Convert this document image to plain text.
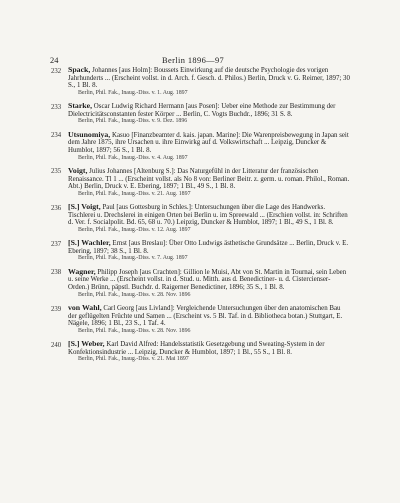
24	Berlin 1896—97
232 Spack, Johannes [aus Holm]: Boussets Einwirkung auf die deutsche Psychologie des vorigen Jahrhunderts ... (Erscheint vollst. in d. Arch. f. Gesch. d. Philos.) Berlin, Druck v. G. Reimer, 1897; 30 S., 1 Bl. 8.
Berlin, Phil. Fak., Inaug.-Diss. v. 1. Aug. 1897
233 Starke, Oscar Ludwig Richard Hermann [aus Posen]: Ueber eine Methode zur Bestimmung der Dielectricitätsconstanten fester Körper ... Berlin, C. Vogts Buchdr., 1896; 31 S. 8.
Berlin, Phil. Fak., Inaug.-Diss. v. 9. Dez. 1896
234 Utsunomiya, Kasuo [Finanzbeamter d. kais. japan. Marine]: Die Warenpreisbewegung in Japan seit dem Jahre 1875, ihre Ursachen u. ihre Einwirkg auf d. Volkswirtschaft ... Leipzig, Duncker & Humblot, 1897; 56 S., 1 Bl. 8.
Berlin, Phil. Fak., Inaug.-Diss. v. 4. Aug. 1897
235 Voigt, Julius Johannes [Altenburg S.]: Das Naturgefühl in der Litteratur der französischen Renaissance. Tl 1 ... (Erscheint vollst. als No 8 von: Berliner Beitr. z. germ. u. roman. Philol., Roman. Abt.) Berlin, Druck v. E. Ebering, 1897; 1 Bl., 49 S., 1 Bl. 8.
Berlin, Phil. Fak., Inaug.-Diss. v. 21. Aug. 1897
236 [S.] Voigt, Paul [aus Gottesburg in Schles.]: Untersuchungen über die Lage des Handwerks. Tischlerei u. Drechslerei in einigen Orten bei Berlin u. im Spreewald ... (Erschien vollst. in: Schriften d. Ver. f. Socialpolit. Bd. 65, 68 u. 70.) Leipzig, Duncker & Humblot, 1897; 1 Bl., 49 S., 1 Bl. 8.
Berlin, Phil. Fak., Inaug.-Diss. v. 12. Aug. 1897
237 [S.] Wachler, Ernst [aus Breslau]: Über Otto Ludwigs ästhetische Grundsätze ... Berlin, Druck v. E. Ebering, 1897; 38 S., 1 Bl. 8.
Berlin, Phil. Fak., Inaug.-Diss. v. 7. Aug. 1897
238 Wagner, Philipp Joseph [aus Crachten]: Gillion le Muisi, Abt von St. Martin in Tournai, sein Leben u. seine Werke ... (Erscheint vollst. in d. Stud. u. Mitth. aus d. Benedictiner- u. d. Cistercienser-Orden.) Brünn, päpstl. Buchdr. d. Raigerner Benedictiner, 1896; 35 S., 1 Bl. 8.
Berlin, Phil. Fak., Inaug.-Diss. v. 28. Nov. 1896
239 von Wahl, Carl Georg [aus Livland]: Vergleichende Untersuchungen über den anatomischen Bau der geflügelten Früchte und Samen ... (Erscheint vs. 5 Bl. Taf. in d. Bibliotheca botan.) Stuttgart, E. Nägele, 1896; 1 Bl., 23 S., 1 Taf. 4.
Berlin, Phil. Fak., Inaug.-Diss. v. 28. Nov. 1896
240 [S.] Weber, Karl David Alfred: Handelsstatistik Gesetzgebung und Sweating-System in der Konfektionsindustrie ... Leipzig, Duncker & Humblot, 1897; 1 Bl., 55 S., 1 Bl. 8.
Berlin, Phil. Fak., Inaug.-Diss. v. 21. Mai 1897
